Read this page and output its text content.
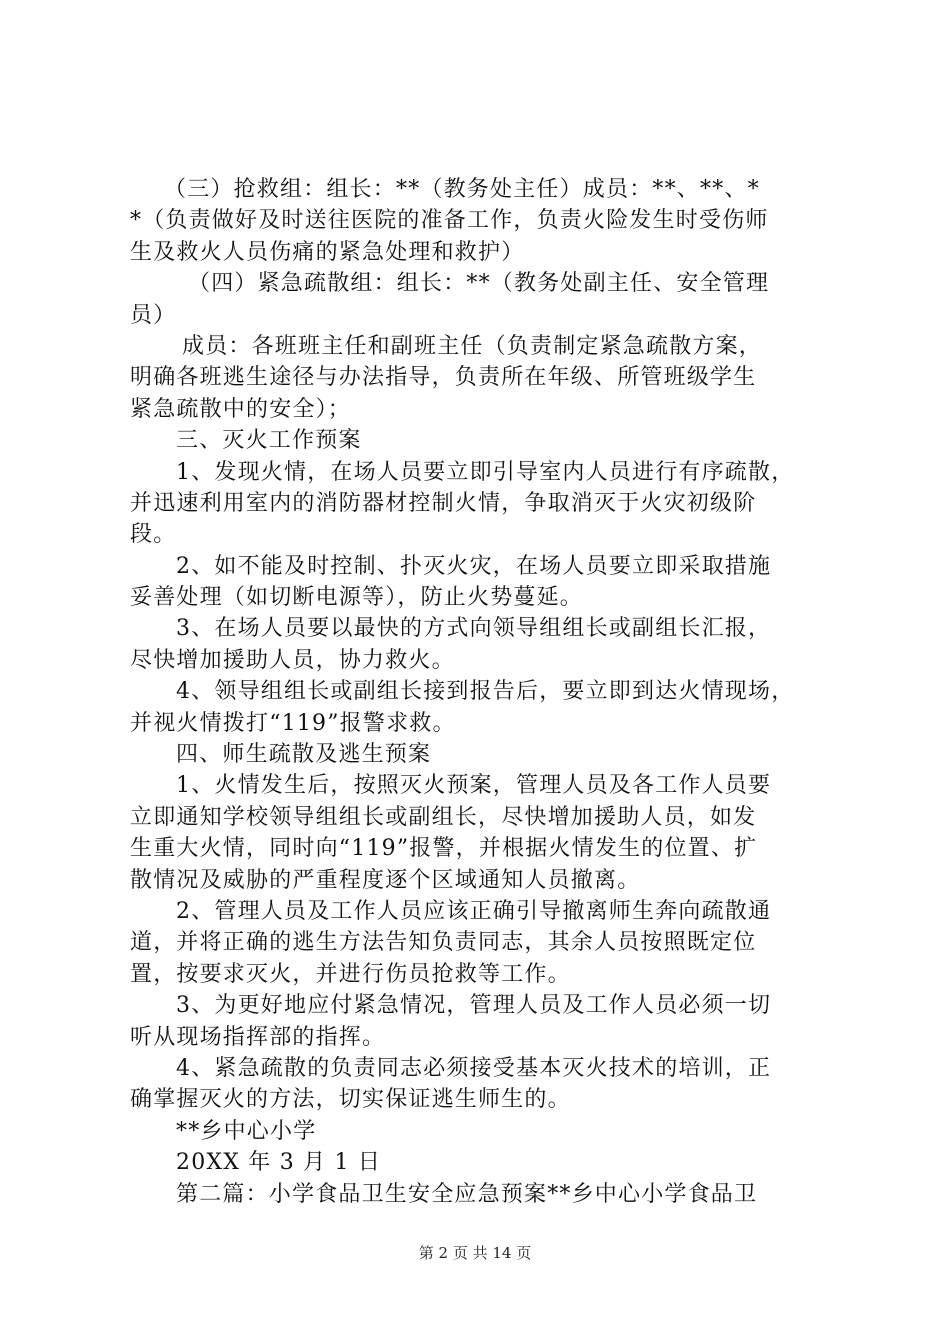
（三）抢救组：组长：**（教务处主任）成员：**、**、*
*（负责做好及时送往医院的准备工作，负责火险发生时受伤师
生及救火人员伤痛的紧急处理和救护）
（四）紧急疏散组：组长：**（教务处副主任、安全管理
员）
成员：各班班主任和副班主任（负责制定紧急疏散方案，
明确各班逃生途径与办法指导，负责所在年级、所管班级学生
紧急疏散中的安全）；
三、灭火工作预案
1、发现火情，在场人员要立即引导室内人员进行有序疏散，
并迅速利用室内的消防器材控制火情，争取消灭于火灾初级阶
段。
2、如不能及时控制、扑灭火灾，在场人员要立即采取措施
妥善处理（如切断电源等），防止火势蔓延。
3、在场人员要以最快的方式向领导组组长或副组长汇报，
尽快增加援助人员，协力救火。
4、领导组组长或副组长接到报告后，要立即到达火情现场，
并视火情拨打“119”报警求救。
四、师生疏散及逃生预案
1、火情发生后，按照灭火预案，管理人员及各工作人员要
立即通知学校领导组组长或副组长，尽快增加援助人员，如发
生重大火情，同时向“119”报警，并根据火情发生的位置、扩
散情况及威胁的严重程度逐个区域通知人员撤离。
2、管理人员及工作人员应该正确引导撤离师生奔向疏散通
道，并将正确的逃生方法告知负责同志，其余人员按照既定位
置，按要求灭火，并进行伤员抢救等工作。
3、为更好地应付紧急情况，管理人员及工作人员必须一切
听从现场指挥部的指挥。
4、紧急疏散的负责同志必须接受基本灭火技术的培训，正
确掌握灭火的方法，切实保证逃生师生的。
**乡中心小学
20XX 年 3 月 1 日
第二篇：小学食品卫生安全应急预案**乡中心小学食品卫
第 2 页 共 14 页
